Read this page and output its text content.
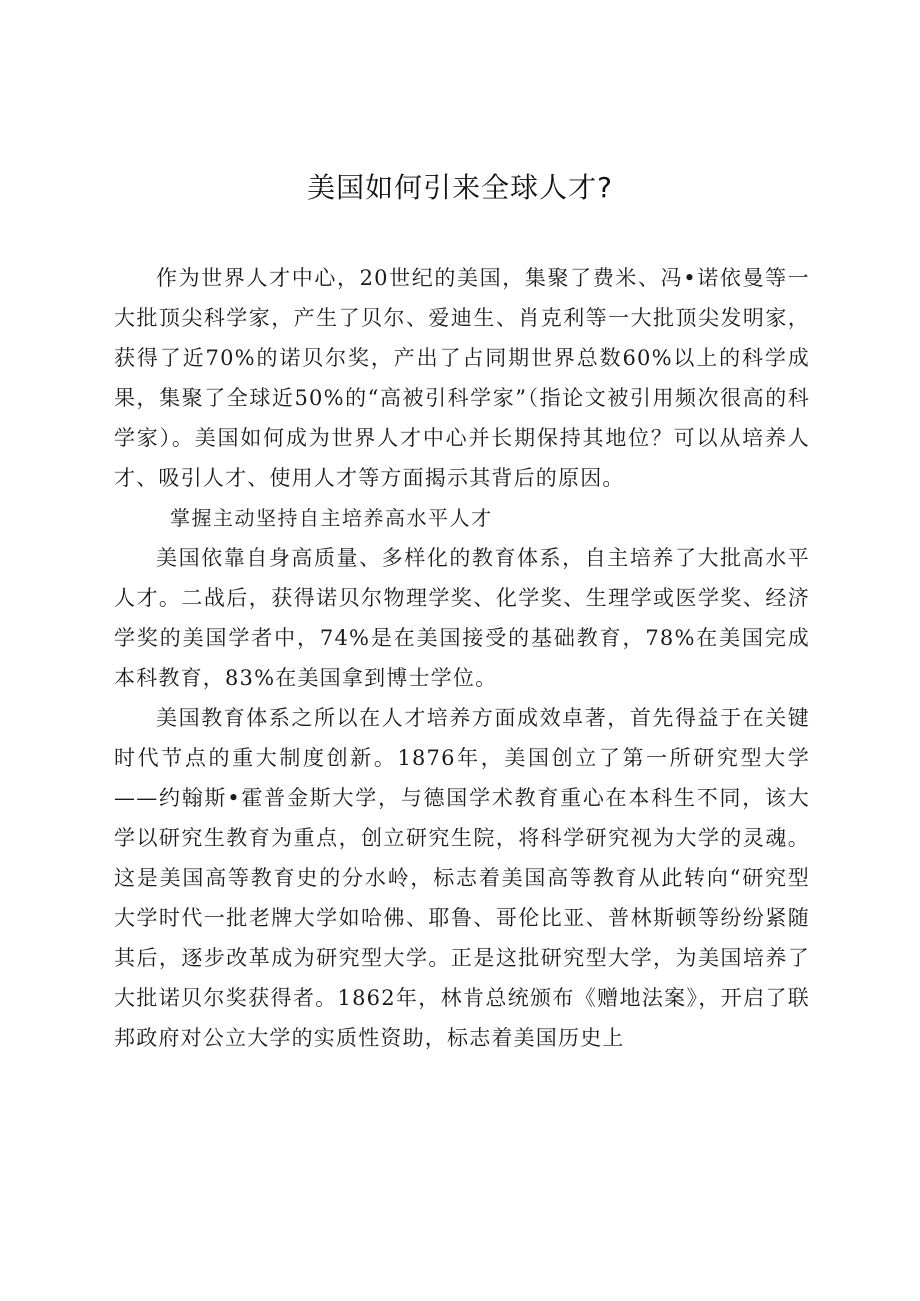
美国如何引来全球人才?

作为世界人才中心，20世纪的美国，集聚了费米、冯•诺依曼等一大批顶尖科学家，产生了贝尔、爱迪生、肖克利等一大批顶尖发明家，获得了近70%的诺贝尔奖，产出了占同期世界总数60%以上的科学成果，集聚了全球近50%的“高被引科学家”（指论文被引用频次很高的科学家）。美国如何成为世界人才中心并长期保持其地位？可以从培养人才、吸引人才、使用人才等方面揭示其背后的原因。

掌握主动坚持自主培养高水平人才

美国依靠自身高质量、多样化的教育体系，自主培养了大批高水平人才。二战后，获得诺贝尔物理学奖、化学奖、生理学或医学奖、经济学奖的美国学者中，74%是在美国接受的基础教育，78%在美国完成本科教育，83%在美国拿到博士学位。

美国教育体系之所以在人才培养方面成效卓著，首先得益于在关键时代节点的重大制度创新。1876年，美国创立了第一所研究型大学——约翰斯•霍普金斯大学，与德国学术教育重心在本科生不同，该大学以研究生教育为重点，创立研究生院，将科学研究视为大学的灵魂。这是美国高等教育史的分水岭，标志着美国高等教育从此转向“研究型大学时代一批老牌大学如哈佛、耶鲁、哥伦比亚、普林斯顿等纷纷紧随其后，逐步改革成为研究型大学。正是这批研究型大学，为美国培养了大批诺贝尔奖获得者。1862年，林肯总统颁布《赠地法案》，开启了联邦政府对公立大学的实质性资助，标志着美国历史上
